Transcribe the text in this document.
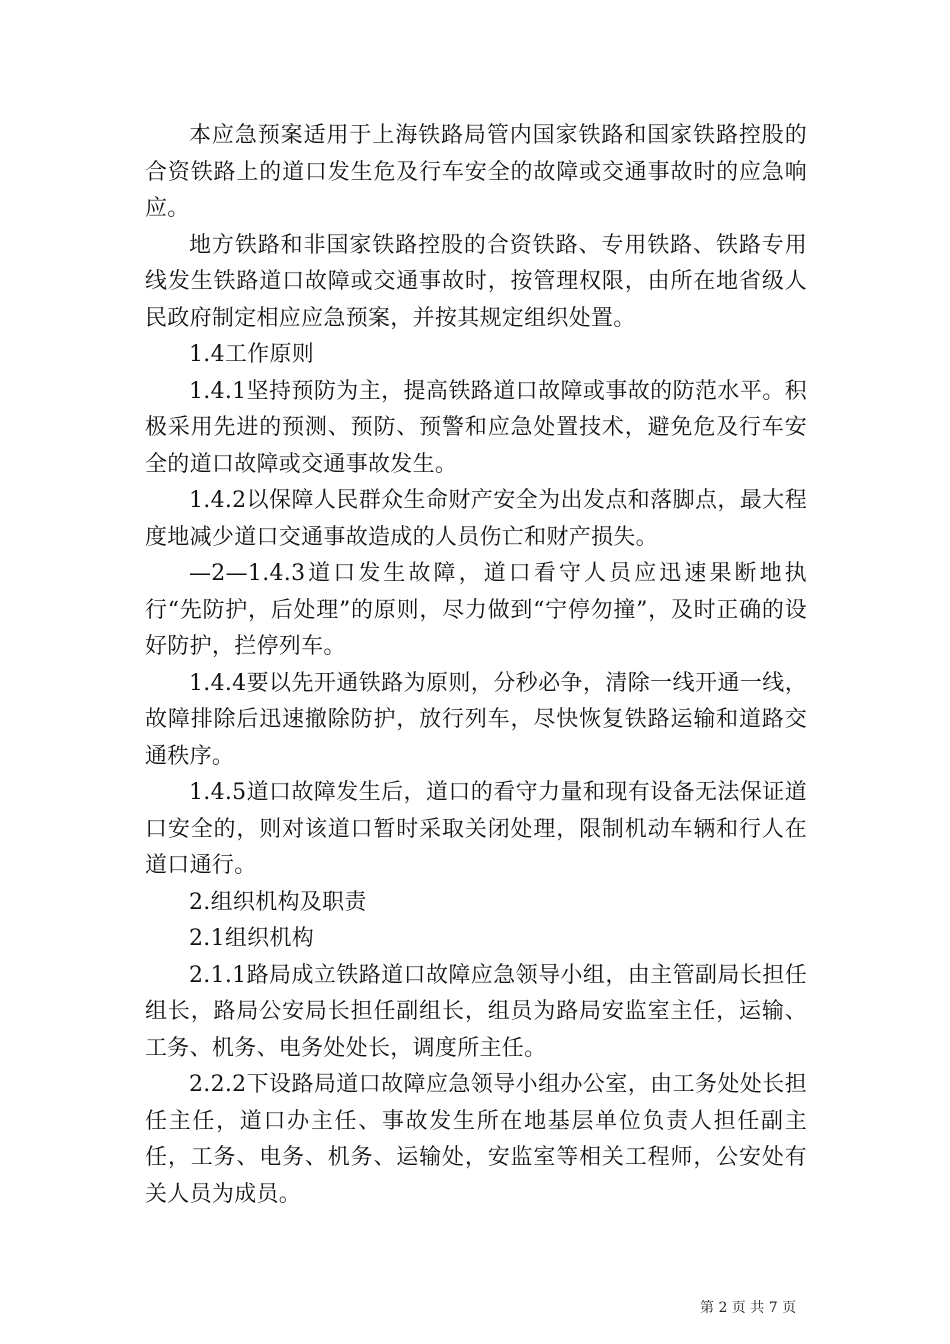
本应急预案适用于上海铁路局管内国家铁路和国家铁路控股的合资铁路上的道口发生危及行车安全的故障或交通事故时的应急响应。

地方铁路和非国家铁路控股的合资铁路、专用铁路、铁路专用线发生铁路道口故障或交通事故时，按管理权限，由所在地省级人民政府制定相应应急预案，并按其规定组织处置。

1.4工作原则

1.4.1坚持预防为主，提高铁路道口故障或事故的防范水平。积极采用先进的预测、预防、预警和应急处置技术，避免危及行车安全的道口故障或交通事故发生。

1.4.2以保障人民群众生命财产安全为出发点和落脚点，最大程度地减少道口交通事故造成的人员伤亡和财产损失。

—2—1.4.3道口发生故障，道口看守人员应迅速果断地执行“先防护，后处理”的原则，尽力做到“宁停勿撞”，及时正确的设好防护，拦停列车。

1.4.4要以先开通铁路为原则，分秒必争，清除一线开通一线，故障排除后迅速撤除防护，放行列车，尽快恢复铁路运输和道路交通秩序。

1.4.5道口故障发生后，道口的看守力量和现有设备无法保证道口安全的，则对该道口暂时采取关闭处理，限制机动车辆和行人在道口通行。

2.组织机构及职责

2.1组织机构

2.1.1路局成立铁路道口故障应急领导小组，由主管副局长担任组长，路局公安局长担任副组长，组员为路局安监室主任，运输、工务、机务、电务处处长，调度所主任。

2.2.2下设路局道口故障应急领导小组办公室，由工务处处长担任主任，道口办主任、事故发生所在地基层单位负责人担任副主任，工务、电务、机务、运输处，安监室等相关工程师，公安处有关人员为成员。

第 2 页 共 7 页
